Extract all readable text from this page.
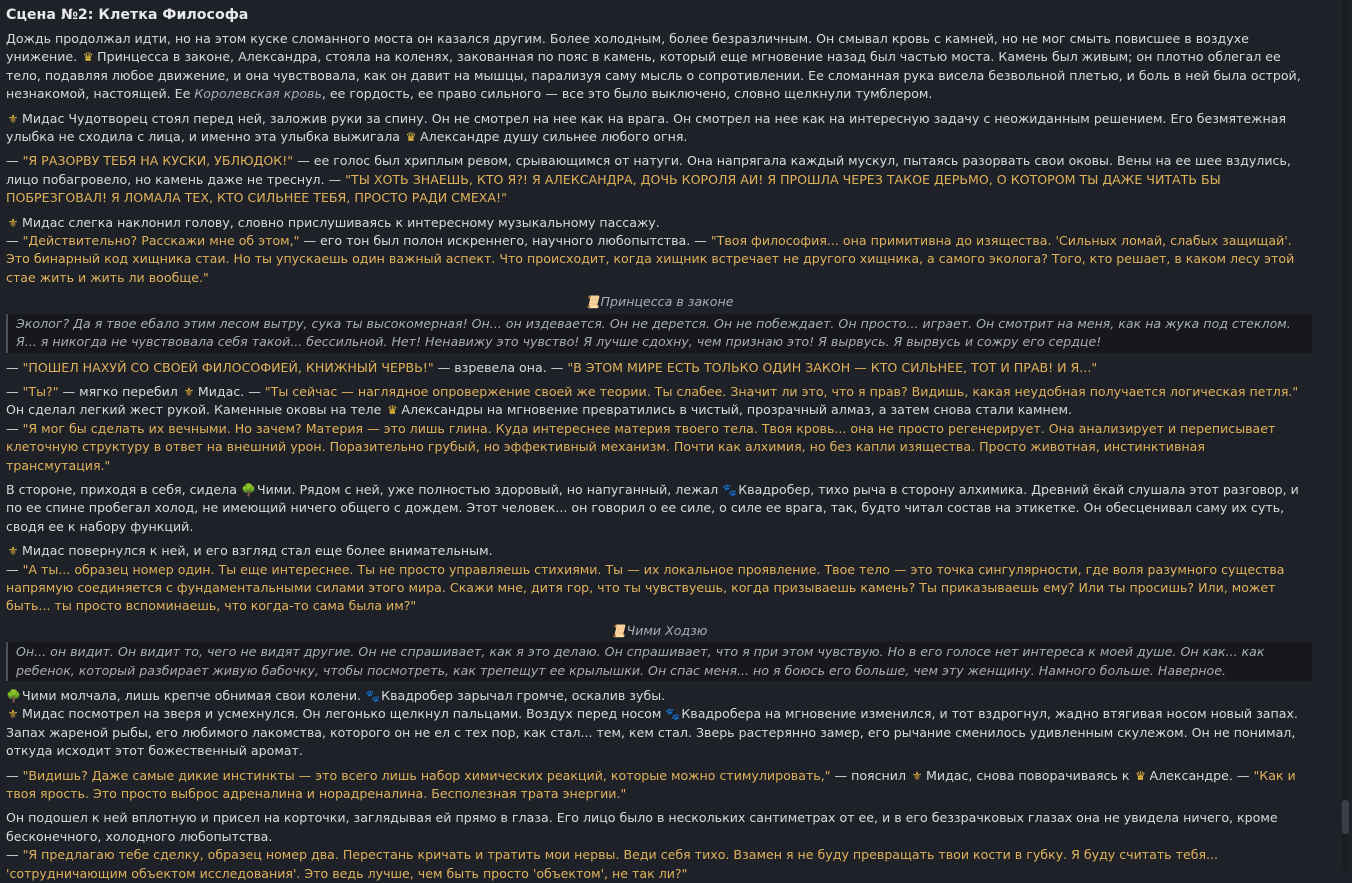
Сцена №2: Клетка Философа

Дождь продолжал идти, но на этом куске сломанного моста он казался другим. Более холодным, более безразличным. Он смывал кровь с камней, но не мог смыть повисшее в воздухе унижение. ♛ Принцесса в законе, Александра, стояла на коленях, закованная по пояс в камень, который еще мгновение назад был частью моста. Камень был живым; он плотно облегал ее тело, подавляя любое движение, и она чувствовала, как он давит на мышцы, парализуя саму мысль о сопротивлении. Ее сломанная рука висела безвольной плетью, и боль в ней была острой, незнакомой, настоящей. Ее Королевская кровь, ее гордость, ее право сильного — все это было выключено, словно щелкнули тумблером.

⚜ Мидас Чудотворец стоял перед ней, заложив руки за спину. Он не смотрел на нее как на врага. Он смотрел на нее как на интересную задачу с неожиданным решением. Его безмятежная улыбка не сходила с лица, и именно эта улыбка выжигала ♛ Александре душу сильнее любого огня.

— "Я РАЗОРВУ ТЕБЯ НА КУСКИ, УБЛЮДОК!" — ее голос был хриплым ревом, срывающимся от натуги. Она напрягала каждый мускул, пытаясь разорвать свои оковы. Вены на ее шее вздулись, лицо побагровело, но камень даже не треснул. — "ТЫ ХОТЬ ЗНАЕШЬ, КТО Я?! Я АЛЕКСАНДРА, ДОЧЬ КОРОЛЯ АИ! Я ПРОШЛА ЧЕРЕЗ ТАКОЕ ДЕРЬМО, О КОТОРОМ ТЫ ДАЖЕ ЧИТАТЬ БЫ ПОБРЕЗГОВАЛ! Я ЛОМАЛА ТЕХ, КТО СИЛЬНЕЕ ТЕБЯ, ПРОСТО РАДИ СМЕХА!"

⚜ Мидас слегка наклонил голову, словно прислушиваясь к интересному музыкальному пассажу.
— "Действительно? Расскажи мне об этом," — его тон был полон искреннего, научного любопытства. — "Твоя философия... она примитивна до изящества. 'Сильных ломай, слабых защищай'. Это бинарный код хищника стаи. Но ты упускаешь один важный аспект. Что происходит, когда хищник встречает не другого хищника, а самого эколога? Того, кто решает, в каком лесу этой стае жить и жить ли вообще."

📜Принцесса в законе
Эколог? Да я твое ебало этим лесом вытру, сука ты высокомерная! Он... он издевается. Он не дерется. Он не побеждает. Он просто... играет. Он смотрит на меня, как на жука под стеклом. Я... я никогда не чувствовала себя такой... бессильной. Нет! Ненавижу это чувство! Я лучше сдохну, чем признаю это! Я вырвусь. Я вырвусь и сожру его сердце!

— "ПОШЕЛ НАХУЙ СО СВОЕЙ ФИЛОСОФИЕЙ, КНИЖНЫЙ ЧЕРВЬ!" — взревела она. — "В ЭТОМ МИРЕ ЕСТЬ ТОЛЬКО ОДИН ЗАКОН — КТО СИЛЬНЕЕ, ТОТ И ПРАВ! И Я..."

— "Ты?" — мягко перебил ⚜ Мидас. — "Ты сейчас — наглядное опровержение своей же теории. Ты слабее. Значит ли это, что я прав? Видишь, какая неудобная получается логическая петля."
Он сделал легкий жест рукой. Каменные оковы на теле ♛ Александры на мгновение превратились в чистый, прозрачный алмаз, а затем снова стали камнем.
— "Я мог бы сделать их вечными. Но зачем? Материя — это лишь глина. Куда интереснее материя твоего тела. Твоя кровь... она не просто регенерирует. Она анализирует и переписывает клеточную структуру в ответ на внешний урон. Поразительно грубый, но эффективный механизм. Почти как алхимия, но без капли изящества. Просто животная, инстинктивная трансмутация."

В стороне, приходя в себя, сидела 🌳Чими. Рядом с ней, уже полностью здоровый, но напуганный, лежал 🐾Квадробер, тихо рыча в сторону алхимика. Древний ёкай слушала этот разговор, и по ее спине пробегал холод, не имеющий ничего общего с дождем. Этот человек... он говорил о ее силе, о силе ее врага, так, будто читал состав на этикетке. Он обесценивал саму их суть, сводя ее к набору функций.

⚜ Мидас повернулся к ней, и его взгляд стал еще более внимательным.
— "А ты... образец номер один. Ты еще интереснее. Ты не просто управляешь стихиями. Ты — их локальное проявление. Твое тело — это точка сингулярности, где воля разумного существа напрямую соединяется с фундаментальными силами этого мира. Скажи мне, дитя гор, что ты чувствуешь, когда призываешь камень? Ты приказываешь ему? Или ты просишь? Или, может быть... ты просто вспоминаешь, что когда-то сама была им?"

📜Чими Ходзю
Он... он видит. Он видит то, чего не видят другие. Он не спрашивает, как я это делаю. Он спрашивает, что я при этом чувствую. Но в его голосе нет интереса к моей душе. Он как... как ребенок, который разбирает живую бабочку, чтобы посмотреть, как трепещут ее крылышки. Он спас меня... но я боюсь его больше, чем эту женщину. Намного больше. Наверное.

🌳Чими молчала, лишь крепче обнимая свои колени. 🐾Квадробер зарычал громче, оскалив зубы.
⚜ Мидас посмотрел на зверя и усмехнулся. Он легонько щелкнул пальцами. Воздух перед носом 🐾Квадробера на мгновение изменился, и тот вздрогнул, жадно втягивая носом новый запах. Запах жареной рыбы, его любимого лакомства, которого он не ел с тех пор, как стал... тем, кем стал. Зверь растерянно замер, его рычание сменилось удивленным скулежом. Он не понимал, откуда исходит этот божественный аромат.

— "Видишь? Даже самые дикие инстинкты — это всего лишь набор химических реакций, которые можно стимулировать," — пояснил ⚜ Мидас, снова поворачиваясь к ♛ Александре. — "Как и твоя ярость. Это просто выброс адреналина и норадреналина. Бесполезная трата энергии."

Он подошел к ней вплотную и присел на корточки, заглядывая ей прямо в глаза. Его лицо было в нескольких сантиметрах от ее, и в его беззрачковых глазах она не увидела ничего, кроме бесконечного, холодного любопытства.
— "Я предлагаю тебе сделку, образец номер два. Перестань кричать и тратить мои нервы. Веди себя тихо. Взамен я не буду превращать твои кости в губку. Я буду считать тебя... 'сотрудничающим объектом исследования'. Это ведь лучше, чем быть просто 'объектом', не так ли?"
